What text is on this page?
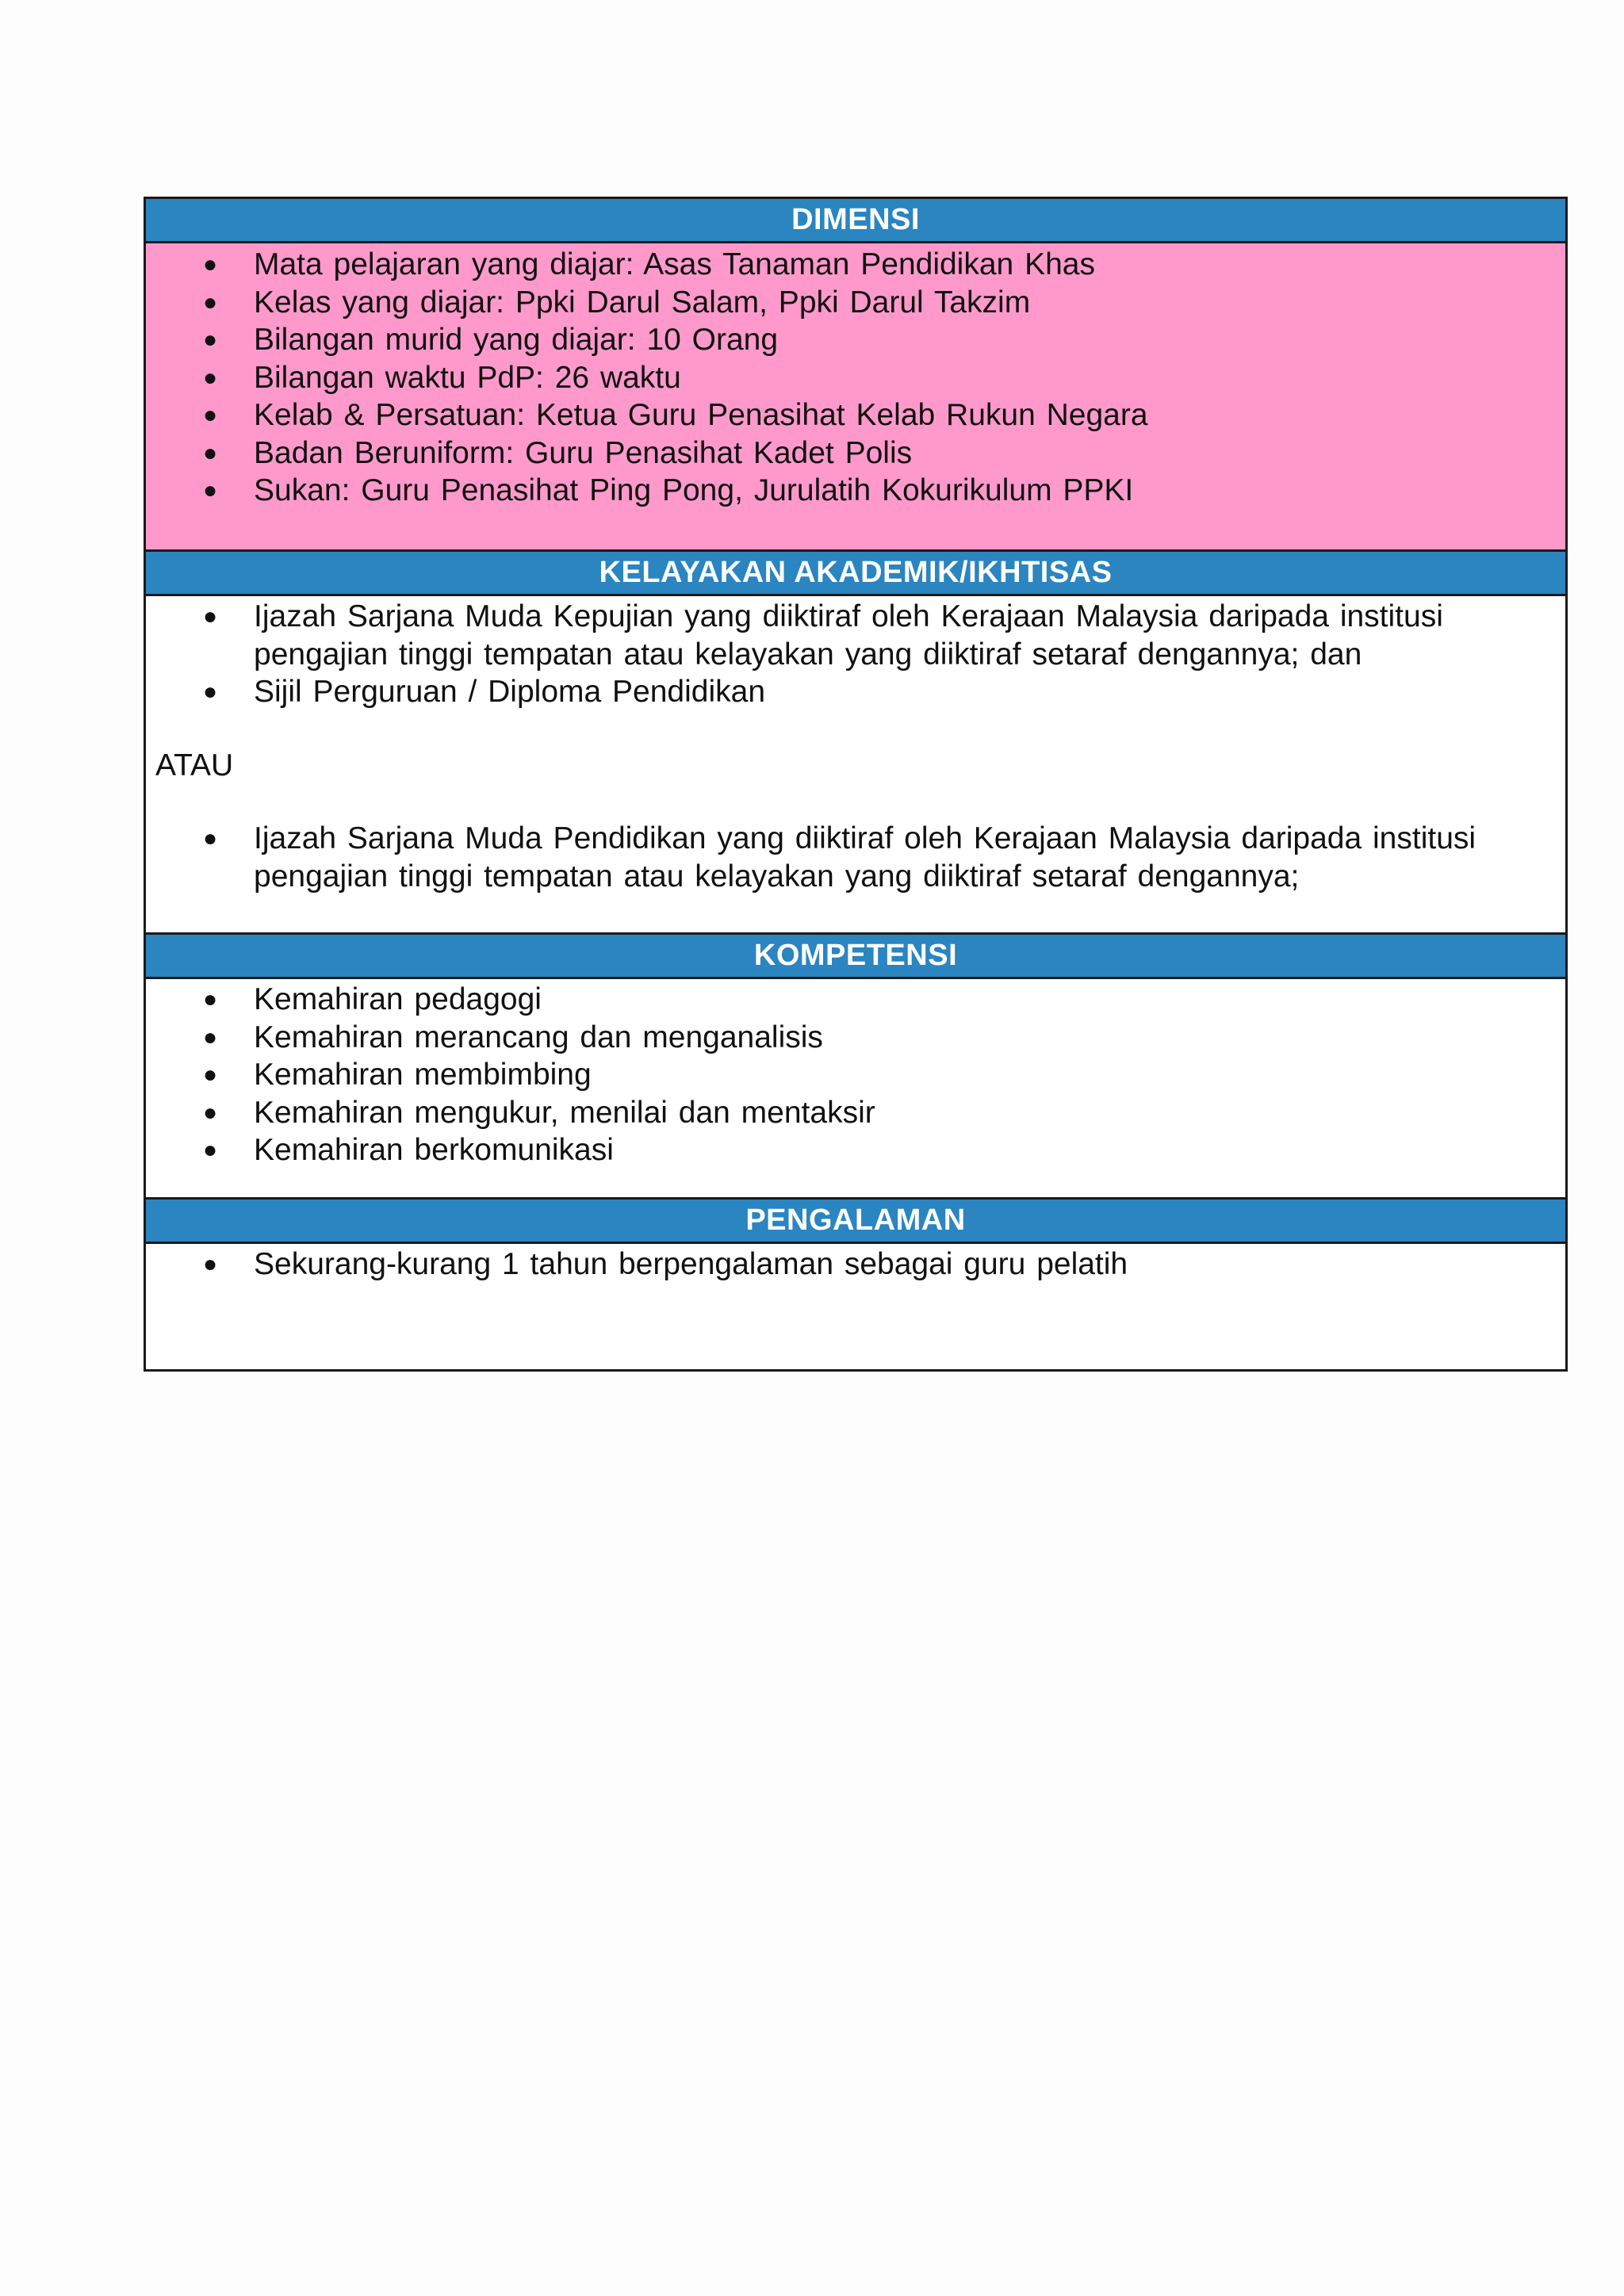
DIMENSI
● Mata pelajaran yang diajar: Asas Tanaman Pendidikan Khas
● Kelas yang diajar: Ppki Darul Salam, Ppki Darul Takzim
● Bilangan murid yang diajar: 10 Orang
● Bilangan waktu PdP: 26 waktu
● Kelab & Persatuan: Ketua Guru Penasihat Kelab Rukun Negara
● Badan Beruniform: Guru Penasihat Kadet Polis
● Sukan: Guru Penasihat Ping Pong, Jurulatih Kokurikulum PPKI
KELAYAKAN AKADEMIK/IKHTISAS
● Ijazah Sarjana Muda Kepujian yang diiktiraf oleh Kerajaan Malaysia daripada institusi pengajian tinggi tempatan atau kelayakan yang diiktiraf setaraf dengannya; dan
● Sijil Perguruan / Diploma Pendidikan
ATAU
● Ijazah Sarjana Muda Pendidikan yang diiktiraf oleh Kerajaan Malaysia daripada institusi pengajian tinggi tempatan atau kelayakan yang diiktiraf setaraf dengannya;
KOMPETENSI
● Kemahiran pedagogi
● Kemahiran merancang dan menganalisis
● Kemahiran membimbing
● Kemahiran mengukur, menilai dan mentaksir
● Kemahiran berkomunikasi
PENGALAMAN
● Sekurang-kurang 1 tahun berpengalaman sebagai guru pelatih
